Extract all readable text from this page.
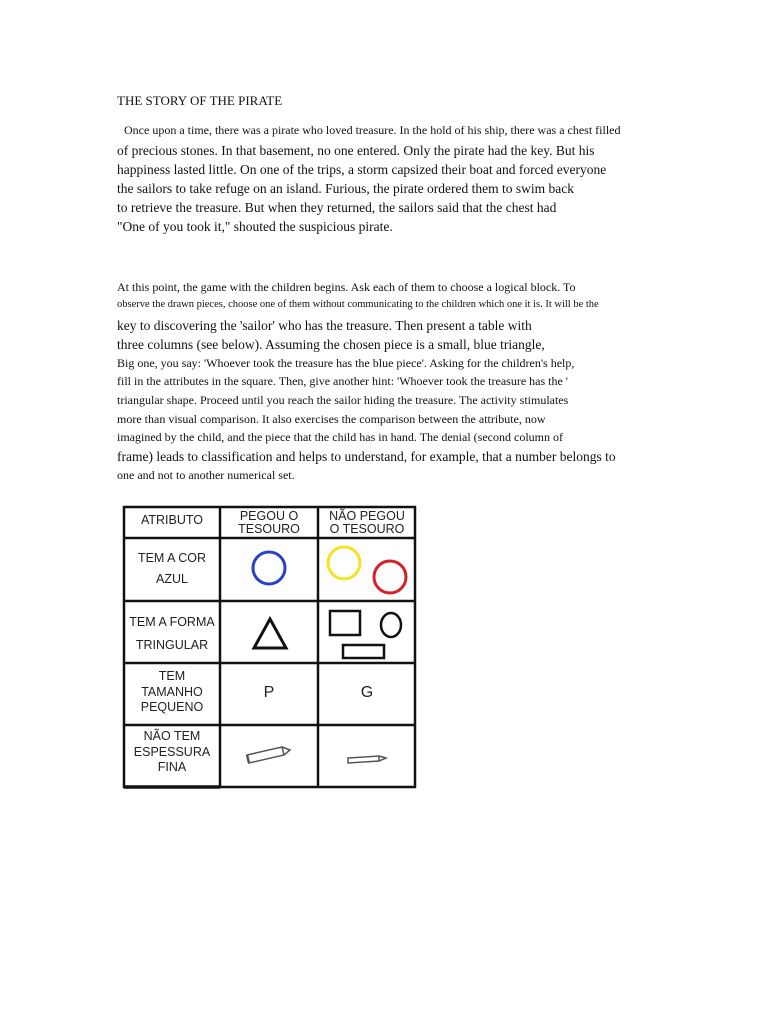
THE STORY OF THE PIRATE
Once upon a time, there was a pirate who loved treasure. In the hold of his ship, there was a chest filled
of precious stones. In that basement, no one entered. Only the pirate had the key. But his
happiness lasted little. On one of the trips, a storm capsized their boat and forced everyone
the sailors to take refuge on an island. Furious, the pirate ordered them to swim back
to retrieve the treasure. But when they returned, the sailors said that the chest had
"One of you took it," shouted the suspicious pirate.
At this point, the game with the children begins. Ask each of them to choose a logical block. To
observe the drawn pieces, choose one of them without communicating to the children which one it is. It will be the
key to discovering the 'sailor' who has the treasure. Then present a table with
three columns (see below). Assuming the chosen piece is a small, blue triangle,
Big one, you say: 'Whoever took the treasure has the blue piece'. Asking for the children's help,
fill in the attributes in the square. Then, give another hint: 'Whoever took the treasure has the '
triangular shape. Proceed until you reach the sailor hiding the treasure. The activity stimulates
more than visual comparison. It also exercises the comparison between the attribute, now
imagined by the child, and the piece that the child has in hand. The denial (second column of
frame) leads to classification and helps to understand, for example, that a number belongs to
one and not to another numerical set.
ATRIBUTO	PEGOU O
TESOURO
NÃO PEGOU
O TESOURO
TEM A COR
AZUL
TEM A FORMA
TRINGULAR
TEM
TAMANHO
PEQUENO
NÃO TEM
ESPESSURA
FINA
P	G
